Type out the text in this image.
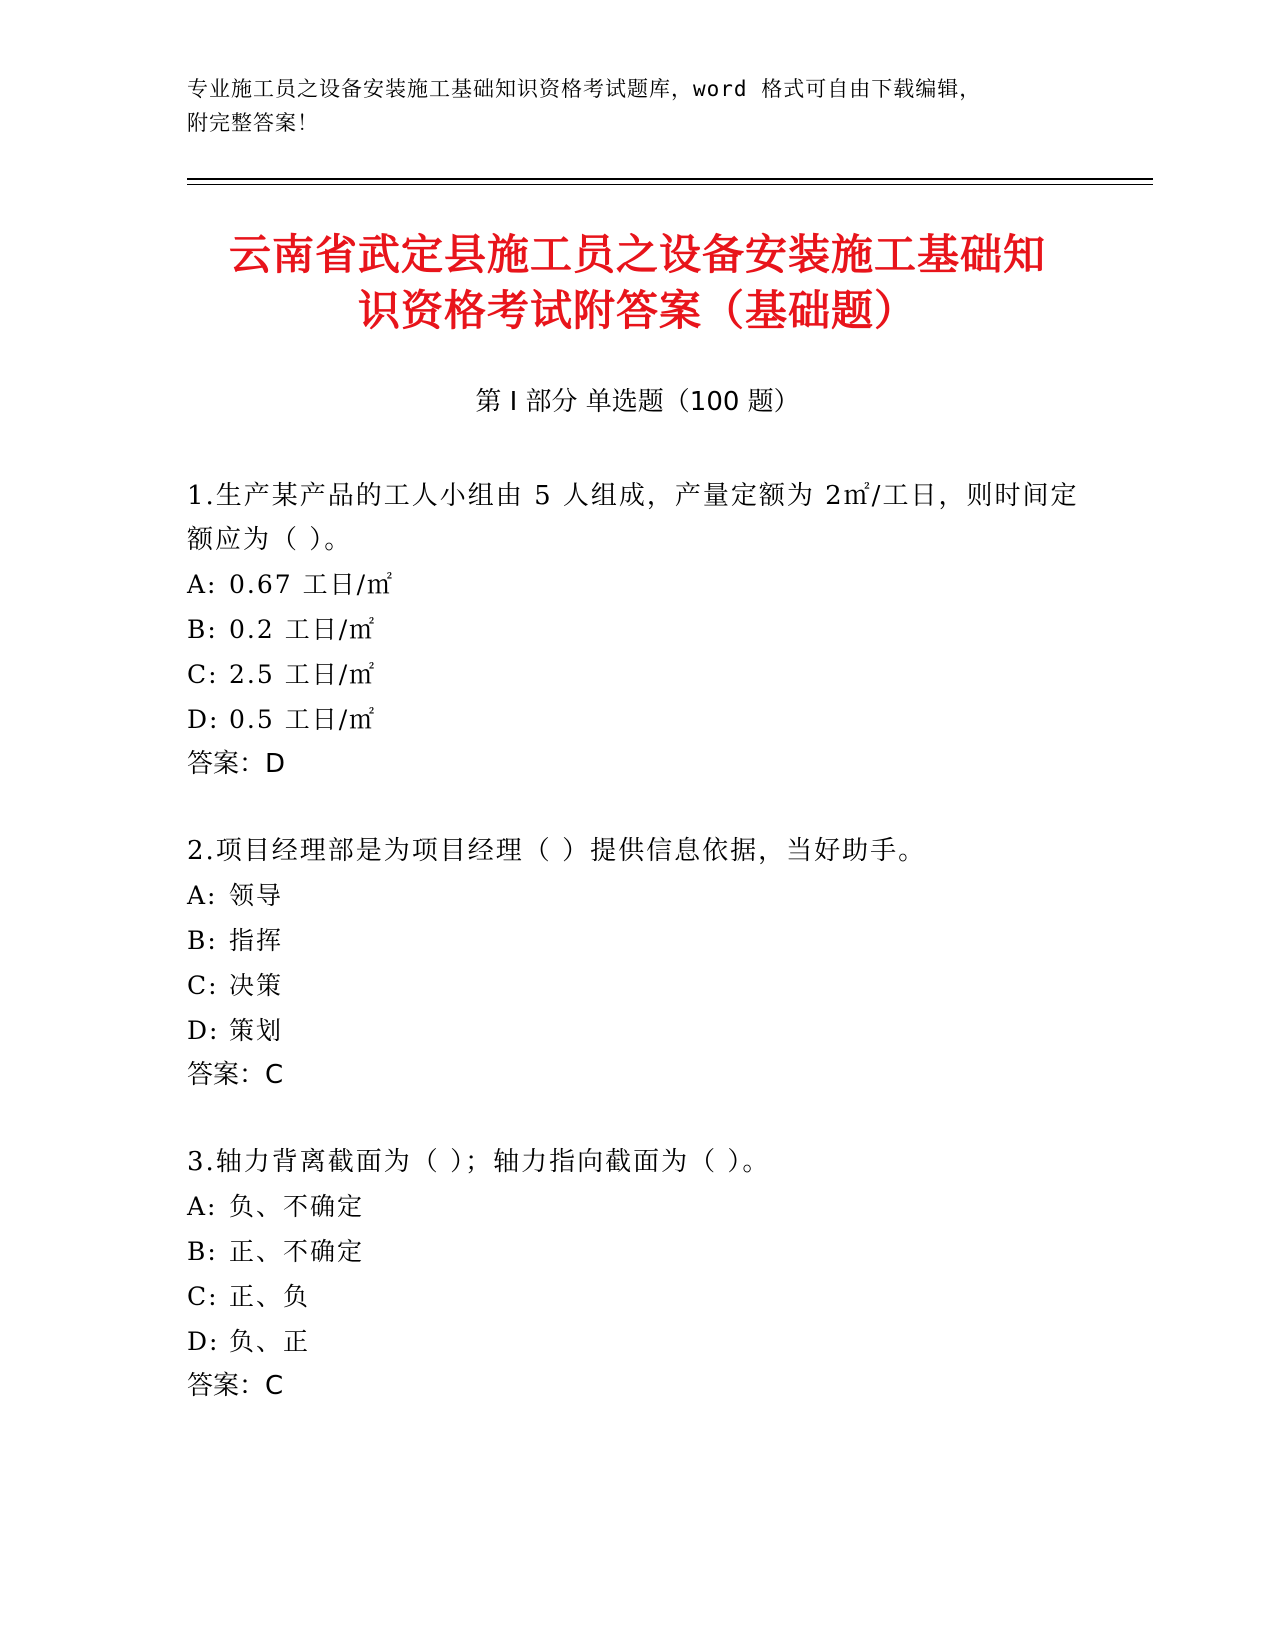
专业施工员之设备安装施工基础知识资格考试题库，word 格式可自由下载编辑，
附完整答案！
云南省武定县施工员之设备安装施工基础知
识资格考试附答案（基础题）
第 I 部分 单选题（100 题）
1.生产某产品的工人小组由 5 人组成，产量定额为 2㎡/工日，则时间定额应为（ ）。
A: 0.67 工日/㎡
B: 0.2 工日/㎡
C: 2.5 工日/㎡
D: 0.5 工日/㎡
答案：D
2.项目经理部是为项目经理（ ）提供信息依据，当好助手。
A: 领导
B: 指挥
C: 决策
D: 策划
答案：C
3.轴力背离截面为（ ）；轴力指向截面为（ ）。
A: 负、不确定
B: 正、不确定
C: 正、负
D: 负、正
答案：C
